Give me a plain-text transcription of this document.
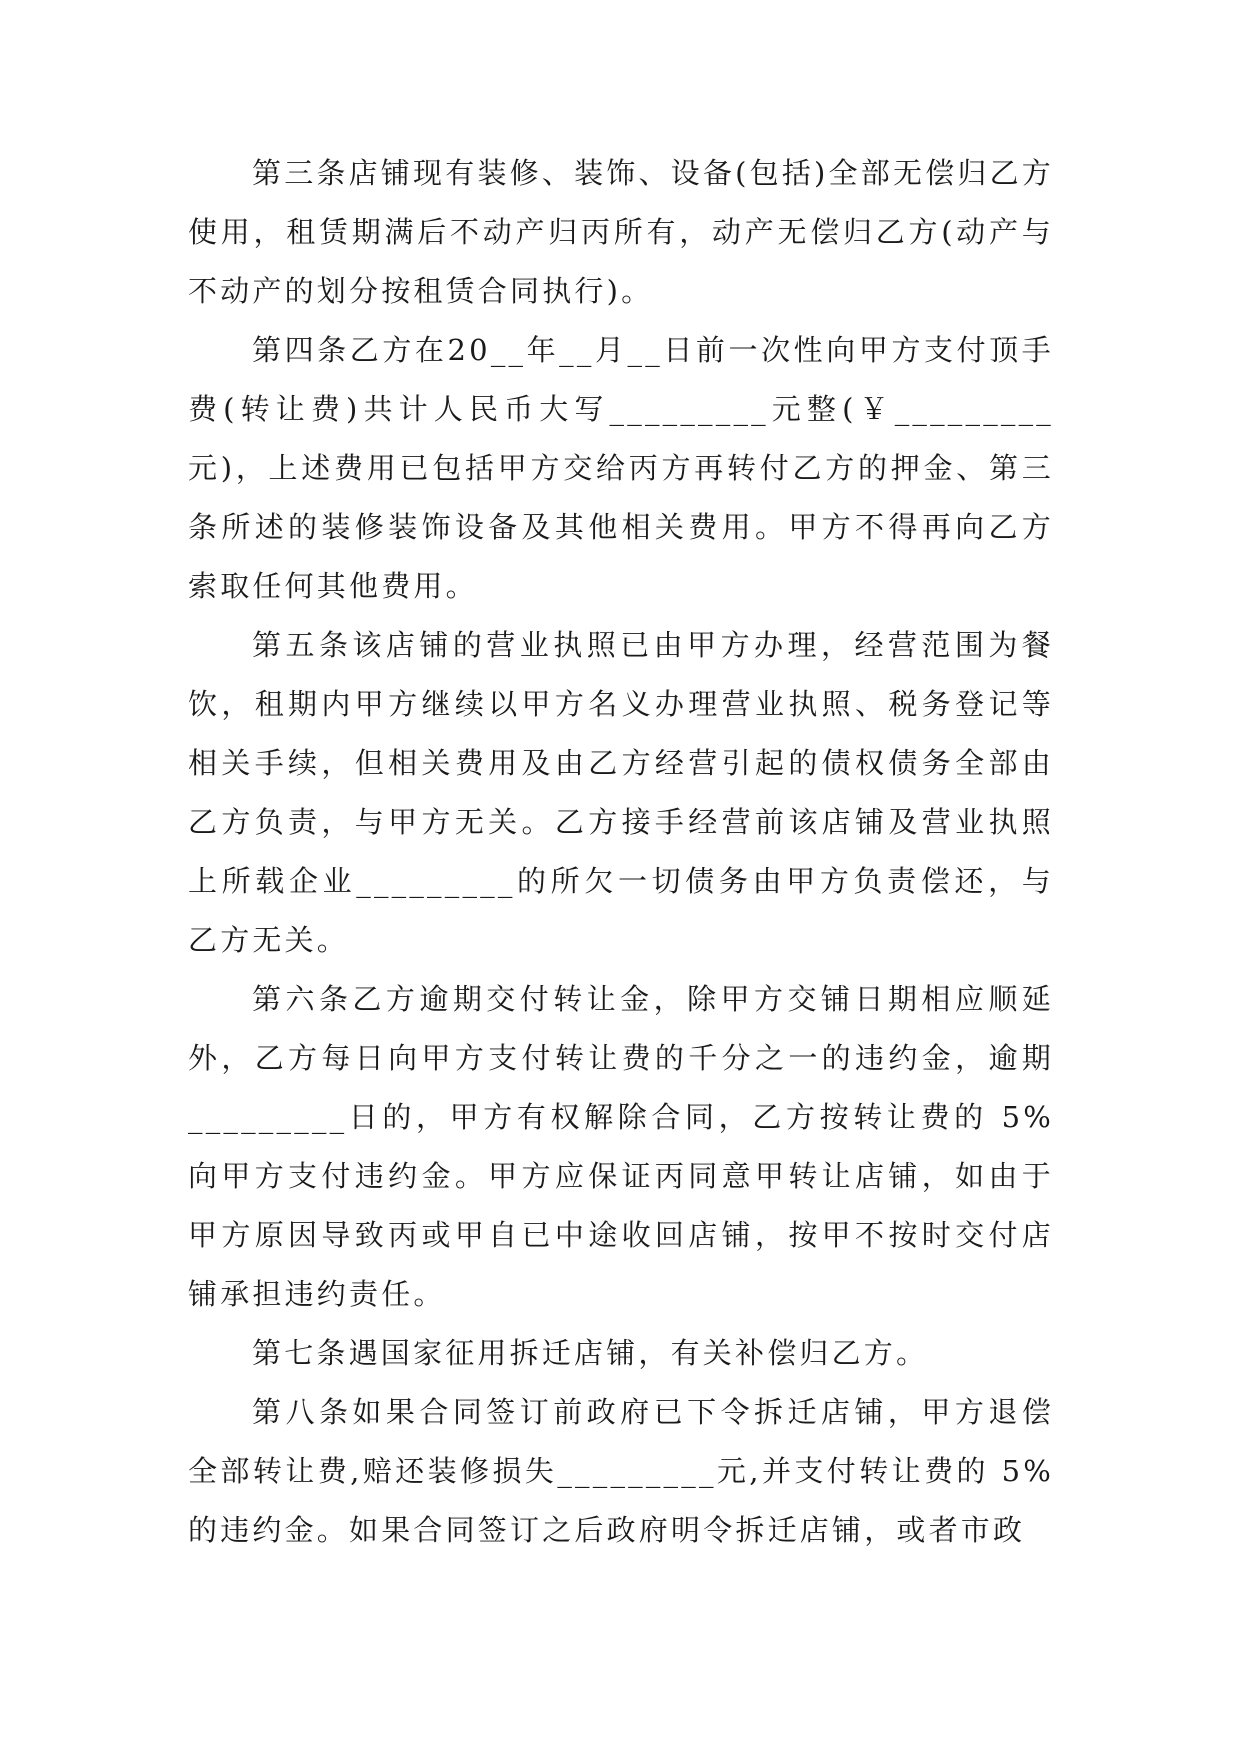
第三条店铺现有装修、装饰、设备(包括)全部无偿归乙方使用，租赁期满后不动产归丙所有，动产无偿归乙方(动产与不动产的划分按租赁合同执行)。

第四条乙方在20__年__月__日前一次性向甲方支付顶手费(转让费)共计人民币大写_________元整(￥_________元)，上述费用已包括甲方交给丙方再转付乙方的押金、第三条所述的装修装饰设备及其他相关费用。甲方不得再向乙方索取任何其他费用。

第五条该店铺的营业执照已由甲方办理，经营范围为餐饮，租期内甲方继续以甲方名义办理营业执照、税务登记等相关手续，但相关费用及由乙方经营引起的债权债务全部由乙方负责，与甲方无关。乙方接手经营前该店铺及营业执照上所载企业_________的所欠一切债务由甲方负责偿还，与乙方无关。

第六条乙方逾期交付转让金，除甲方交铺日期相应顺延外，乙方每日向甲方支付转让费的千分之一的违约金，逾期_________日的，甲方有权解除合同，乙方按转让费的 5%向甲方支付违约金。甲方应保证丙同意甲转让店铺，如由于甲方原因导致丙或甲自已中途收回店铺，按甲不按时交付店铺承担违约责任。

第七条遇国家征用拆迁店铺，有关补偿归乙方。

第八条如果合同签订前政府已下令拆迁店铺，甲方退偿全部转让费,赔还装修损失_________元,并支付转让费的 5%的违约金。如果合同签订之后政府明令拆迁店铺，或者市政
